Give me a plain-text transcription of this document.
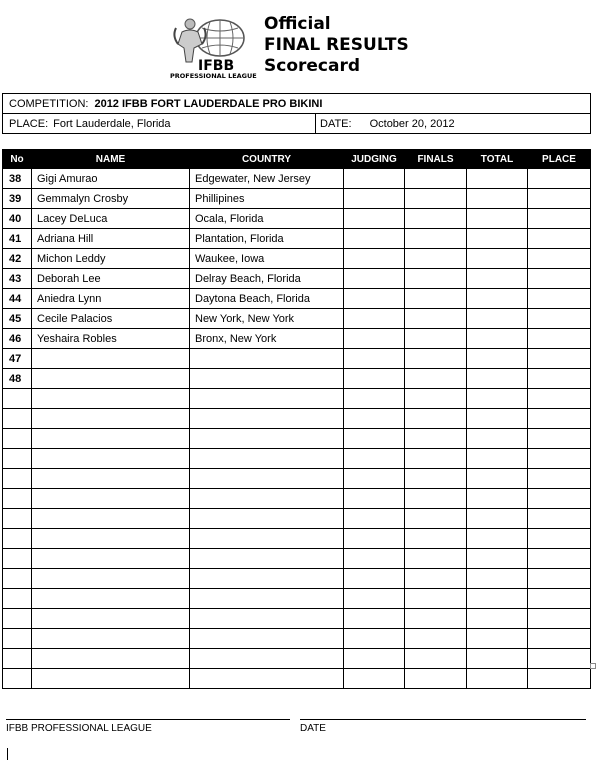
IFBB
PROFESSIONAL LEAGUE
Official
FINAL RESULTS
Scorecard
COMPETITION: 2012 IFBB FORT LAUDERDALE PRO BIKINI
PLACE: Fort Lauderdale, Florida	DATE:	October 20, 2012
No	NAME	COUNTRY	JUDGING	FINALS	TOTAL	PLACE
38	Gigi Amurao	Edgewater, New Jersey				
39	Gemmalyn Crosby	Phillipines				
40	Lacey DeLuca	Ocala, Florida				
41	Adriana Hill	Plantation, Florida				
42	Michon Leddy	Waukee, Iowa				
43	Deborah Lee	Delray Beach, Florida				
44	Aniedra Lynn	Daytona Beach, Florida				
45	Cecile Palacios	New York, New York				
46	Yeshaira Robles	Bronx, New York				
47						
48						

IFBB PROFESSIONAL LEAGUE	DATE
